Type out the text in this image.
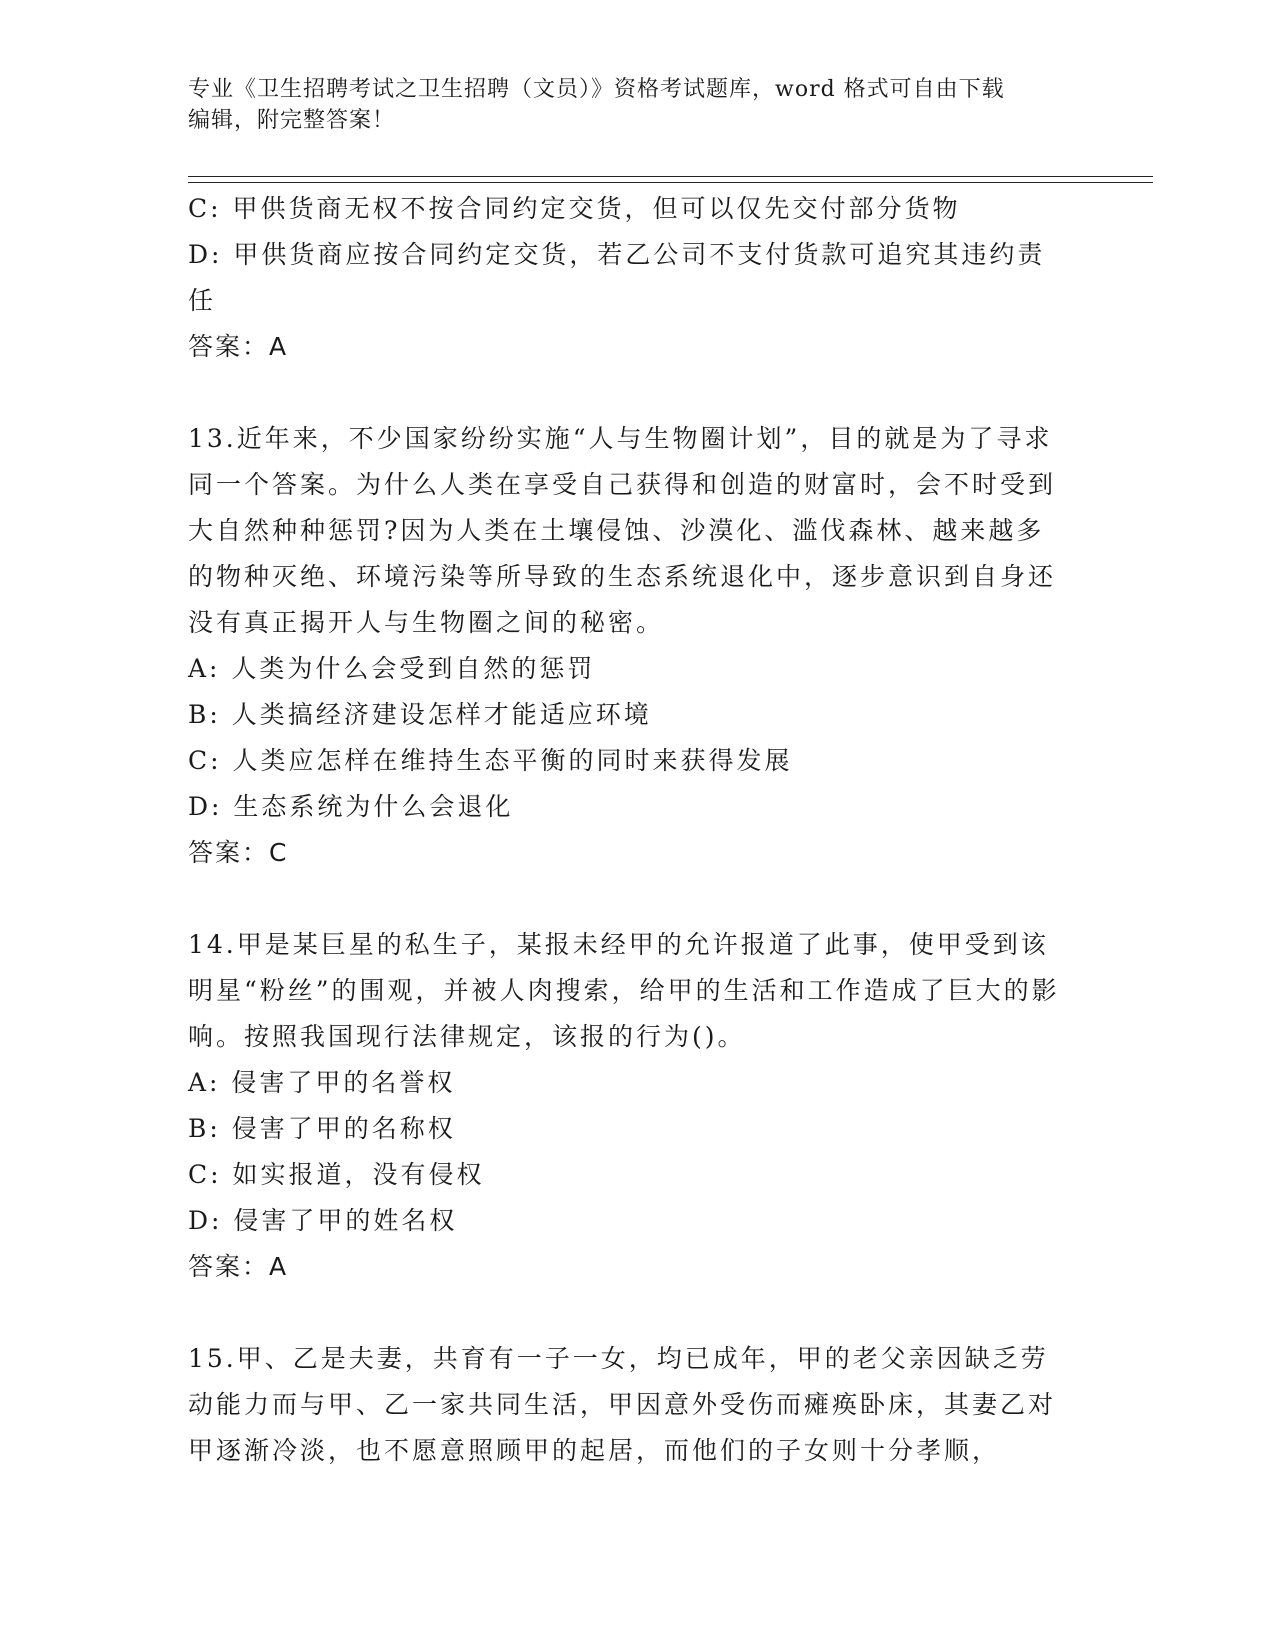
专业《卫生招聘考试之卫生招聘（文员）》资格考试题库，word 格式可自由下载
编辑，附完整答案！

C: 甲供货商无权不按合同约定交货，但可以仅先交付部分货物

D: 甲供货商应按合同约定交货，若乙公司不支付货款可追究其违约责任

答案：A

13.近年来，不少国家纷纷实施“人与生物圈计划”，目的就是为了寻求同一个答案。为什么人类在享受自己获得和创造的财富时，会不时受到大自然种种惩罚?因为人类在土壤侵蚀、沙漠化、滥伐森林、越来越多的物种灭绝、环境污染等所导致的生态系统退化中，逐步意识到自身还没有真正揭开人与生物圈之间的秘密。

A: 人类为什么会受到自然的惩罚

B: 人类搞经济建设怎样才能适应环境

C: 人类应怎样在维持生态平衡的同时来获得发展

D: 生态系统为什么会退化

答案：C

14.甲是某巨星的私生子，某报未经甲的允许报道了此事，使甲受到该明星“粉丝”的围观，并被人肉搜索，给甲的生活和工作造成了巨大的影响。按照我国现行法律规定，该报的行为()。

A: 侵害了甲的名誉权

B: 侵害了甲的名称权

C: 如实报道，没有侵权

D: 侵害了甲的姓名权

答案：A

15.甲、乙是夫妻，共育有一子一女，均已成年，甲的老父亲因缺乏劳动能力而与甲、乙一家共同生活，甲因意外受伤而瘫痪卧床，其妻乙对甲逐渐冷淡，也不愿意照顾甲的起居，而他们的子女则十分孝顺，
